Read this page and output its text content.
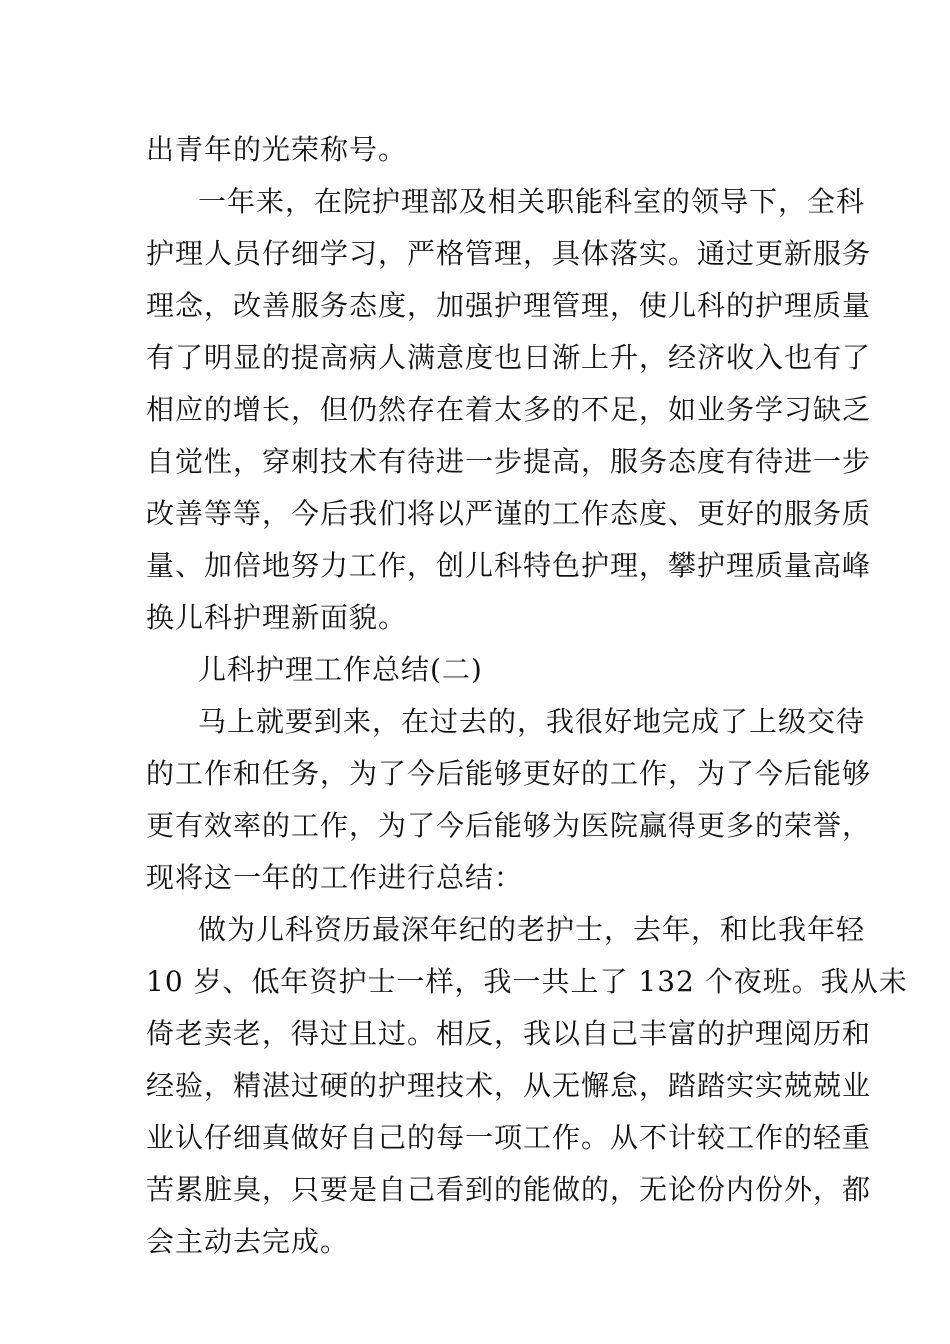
出青年的光荣称号。
一年来，在院护理部及相关职能科室的领导下，全科
护理人员仔细学习，严格管理，具体落实。通过更新服务
理念，改善服务态度，加强护理管理，使儿科的护理质量
有了明显的提高病人满意度也日渐上升，经济收入也有了
相应的增长，但仍然存在着太多的不足，如业务学习缺乏
自觉性，穿刺技术有待进一步提高，服务态度有待进一步
改善等等，今后我们将以严谨的工作态度、更好的服务质
量、加倍地努力工作，创儿科特色护理，攀护理质量高峰
换儿科护理新面貌。
儿科护理工作总结(二)
马上就要到来，在过去的，我很好地完成了上级交待
的工作和任务，为了今后能够更好的工作，为了今后能够
更有效率的工作，为了今后能够为医院赢得更多的荣誉，
现将这一年的工作进行总结：
做为儿科资历最深年纪的老护士，去年，和比我年轻
10 岁、低年资护士一样，我一共上了 132 个夜班。我从未
倚老卖老，得过且过。相反，我以自己丰富的护理阅历和
经验，精湛过硬的护理技术，从无懈怠，踏踏实实兢兢业
业认仔细真做好自己的每一项工作。从不计较工作的轻重
苦累脏臭，只要是自己看到的能做的，无论份内份外，都
会主动去完成。
